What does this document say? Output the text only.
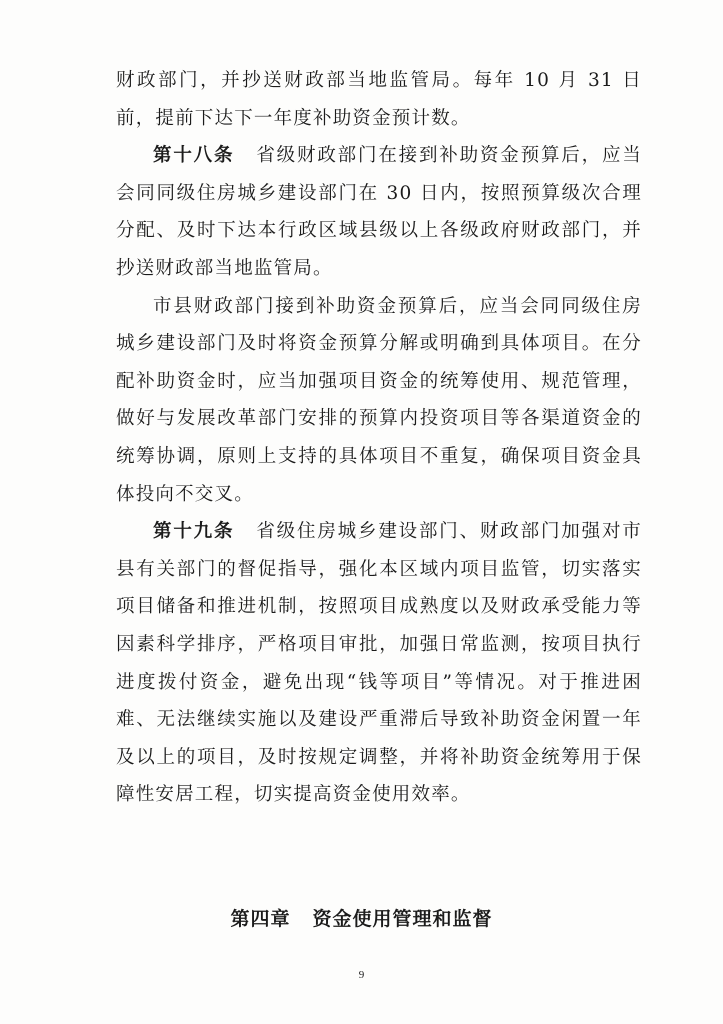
财政部门，并抄送财政部当地监管局。每年 10 月 31 日前，提前下达下一年度补助资金预计数。

第十八条 省级财政部门在接到补助资金预算后，应当会同同级住房城乡建设部门在 30 日内，按照预算级次合理分配、及时下达本行政区域县级以上各级政府财政部门，并抄送财政部当地监管局。

市县财政部门接到补助资金预算后，应当会同同级住房城乡建设部门及时将资金预算分解或明确到具体项目。在分配补助资金时，应当加强项目资金的统筹使用、规范管理，做好与发展改革部门安排的预算内投资项目等各渠道资金的统筹协调，原则上支持的具体项目不重复，确保项目资金具体投向不交叉。

第十九条 省级住房城乡建设部门、财政部门加强对市县有关部门的督促指导，强化本区域内项目监管，切实落实项目储备和推进机制，按照项目成熟度以及财政承受能力等因素科学排序，严格项目审批，加强日常监测，按项目执行进度拨付资金，避免出现“钱等项目”等情况。对于推进困难、无法继续实施以及建设严重滞后导致补助资金闲置一年及以上的项目，及时按规定调整，并将补助资金统筹用于保障性安居工程，切实提高资金使用效率。

第四章 资金使用管理和监督
9
